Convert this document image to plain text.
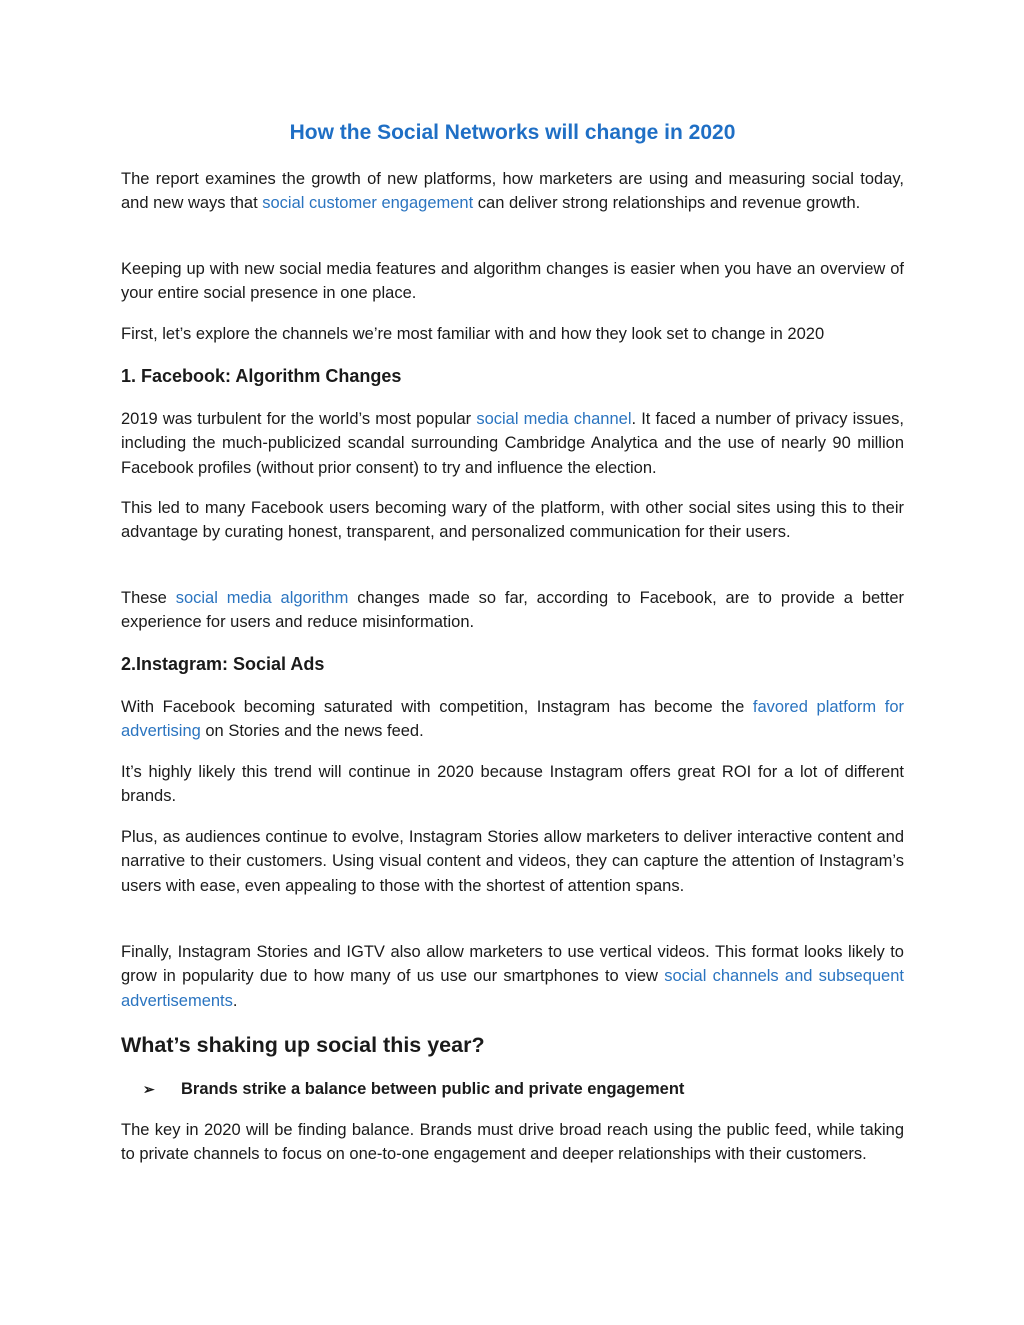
How the Social Networks will change in 2020

The report examines the growth of new platforms, how marketers are using and measuring social today, and new ways that social customer engagement can deliver strong relationships and revenue growth.

Keeping up with new social media features and algorithm changes is easier when you have an overview of your entire social presence in one place.

First, let’s explore the channels we’re most familiar with and how they look set to change in 2020

1. Facebook: Algorithm Changes

2019 was turbulent for the world’s most popular social media channel. It faced a number of privacy issues, including the much-publicized scandal surrounding Cambridge Analytica and the use of nearly 90 million Facebook profiles (without prior consent) to try and influence the election.

This led to many Facebook users becoming wary of the platform, with other social sites using this to their advantage by curating honest, transparent, and personalized communication for their users.

These social media algorithm changes made so far, according to Facebook, are to provide a better experience for users and reduce misinformation.

2.Instagram: Social Ads

With Facebook becoming saturated with competition, Instagram has become the favored platform for advertising on Stories and the news feed.

It’s highly likely this trend will continue in 2020 because Instagram offers great ROI for a lot of different brands.

Plus, as audiences continue to evolve, Instagram Stories allow marketers to deliver interactive content and narrative to their customers. Using visual content and videos, they can capture the attention of Instagram’s users with ease, even appealing to those with the shortest of attention spans.

Finally, Instagram Stories and IGTV also allow marketers to use vertical videos. This format looks likely to grow in popularity due to how many of us use our smartphones to view social channels and subsequent advertisements.

What’s shaking up social this year?
➢	Brands strike a balance between public and private engagement

The key in 2020 will be finding balance. Brands must drive broad reach using the public feed, while taking to private channels to focus on one-to-one engagement and deeper relationships with their customers.
